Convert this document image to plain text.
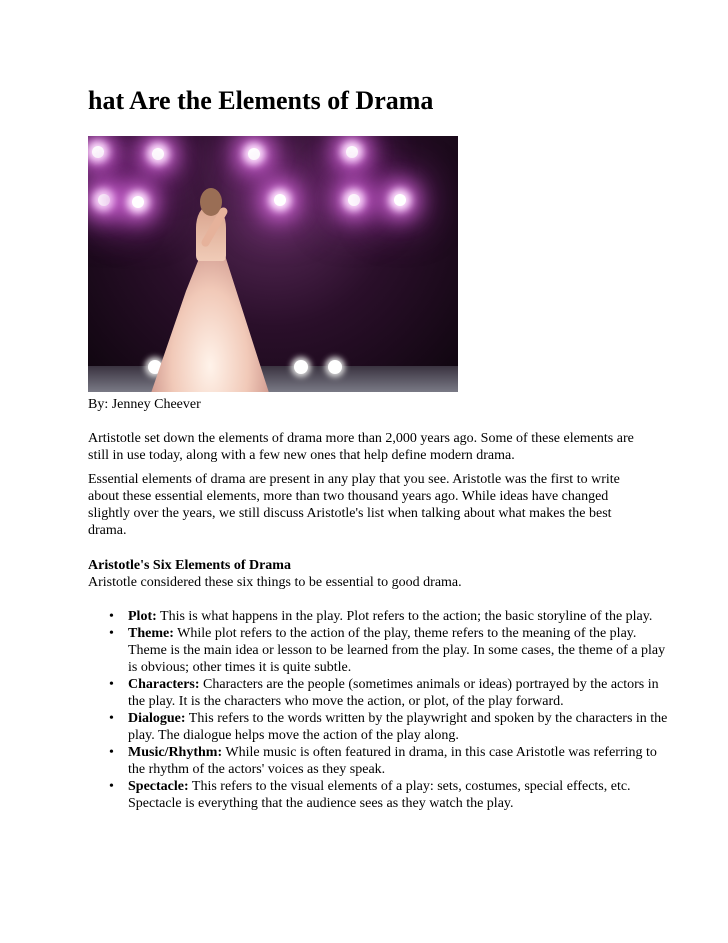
hat Are the Elements of Drama

By: Jenney Cheever

Artistotle set down the elements of drama more than 2,000 years ago. Some of these elements are still in use today, along with a few new ones that help define modern drama.

Essential elements of drama are present in any play that you see. Aristotle was the first to write about these essential elements, more than two thousand years ago. While ideas have changed slightly over the years, we still discuss Aristotle's list when talking about what makes the best drama.

Aristotle's Six Elements of Drama

Aristotle considered these six things to be essential to good drama.

• Plot: This is what happens in the play. Plot refers to the action; the basic storyline of the play.
• Theme: While plot refers to the action of the play, theme refers to the meaning of the play. Theme is the main idea or lesson to be learned from the play. In some cases, the theme of a play is obvious; other times it is quite subtle.
• Characters: Characters are the people (sometimes animals or ideas) portrayed by the actors in the play. It is the characters who move the action, or plot, of the play forward.
• Dialogue: This refers to the words written by the playwright and spoken by the characters in the play. The dialogue helps move the action of the play along.
• Music/Rhythm: While music is often featured in drama, in this case Aristotle was referring to the rhythm of the actors' voices as they speak.
• Spectacle: This refers to the visual elements of a play: sets, costumes, special effects, etc. Spectacle is everything that the audience sees as they watch the play.
